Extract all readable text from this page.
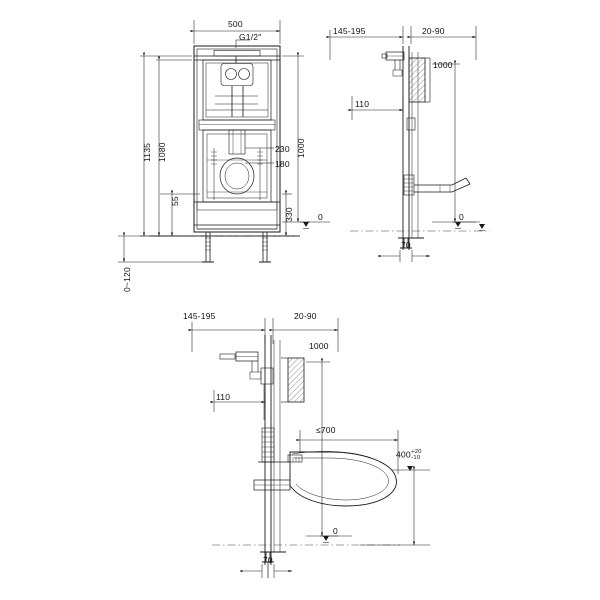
500
G1/2"
1135 1080
55
0~120
1000
330
230
180
0
145-195	20-90
1000
110
0
70
145-195	20-90
1000
110
≤700
400+20
-10
0
70
